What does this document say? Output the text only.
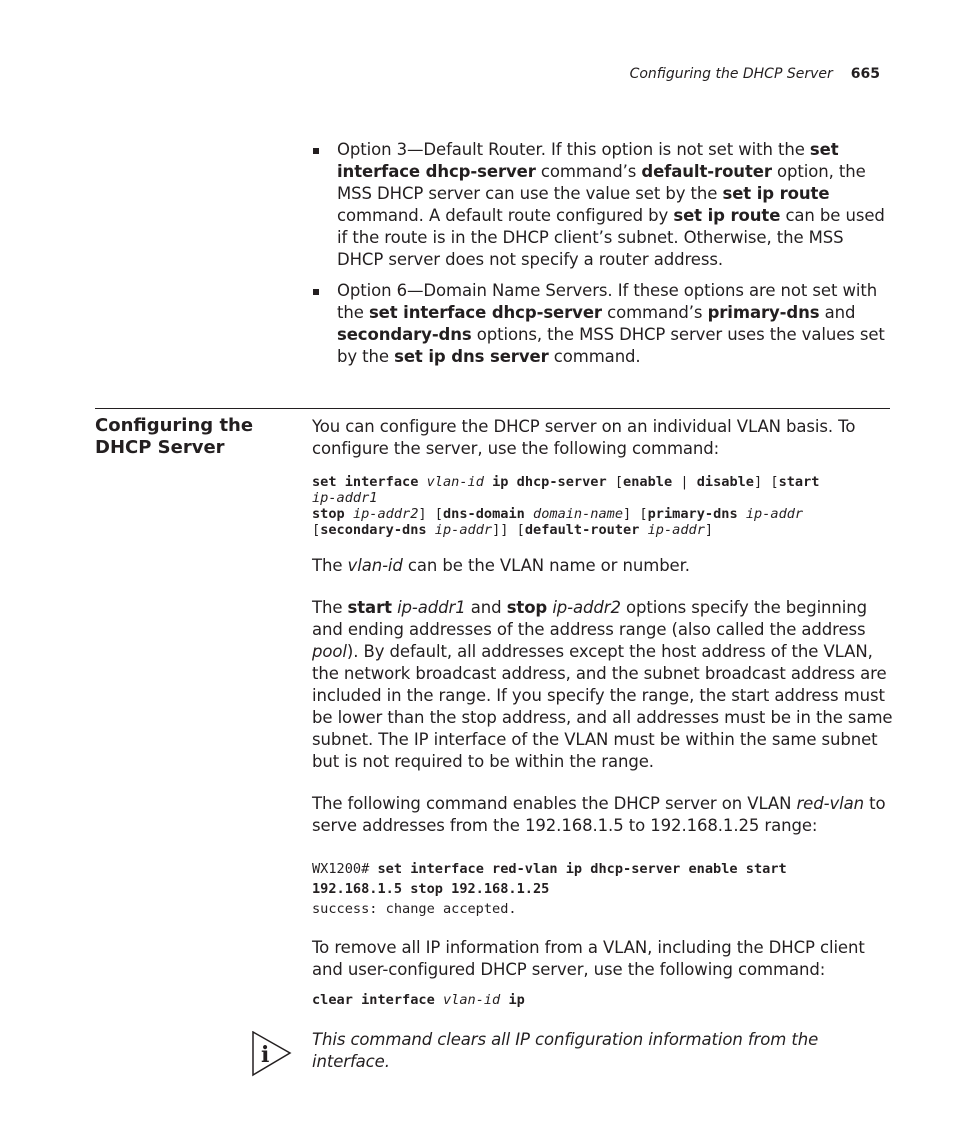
Configuring the DHCP Server 665
Option 3—Default Router. If this option is not set with the set interface dhcp-server command’s default-router option, the MSS DHCP server can use the value set by the set ip route command. A default route configured by set ip route can be used if the route is in the DHCP client’s subnet. Otherwise, the MSS DHCP server does not specify a router address.
Option 6—Domain Name Servers. If these options are not set with the set interface dhcp-server command’s primary-dns and secondary-dns options, the MSS DHCP server uses the values set by the set ip dns server command.
Configuring the DHCP Server

You can configure the DHCP server on an individual VLAN basis. To configure the server, use the following command:

set interface vlan-id ip dhcp-server [enable | disable] [start
ip-addr1
stop ip-addr2] [dns-domain domain-name] [primary-dns ip-addr
[secondary-dns ip-addr]] [default-router ip-addr]

The vlan-id can be the VLAN name or number.

The start ip-addr1 and stop ip-addr2 options specify the beginning and ending addresses of the address range (also called the address pool). By default, all addresses except the host address of the VLAN, the network broadcast address, and the subnet broadcast address are included in the range. If you specify the range, the start address must be lower than the stop address, and all addresses must be in the same subnet. The IP interface of the VLAN must be within the same subnet but is not required to be within the range.

The following command enables the DHCP server on VLAN red-vlan to serve addresses from the 192.168.1.5 to 192.168.1.25 range:

WX1200# set interface red-vlan ip dhcp-server enable start
192.168.1.5 stop 192.168.1.25
success: change accepted.

To remove all IP information from a VLAN, including the DHCP client and user-configured DHCP server, use the following command:

clear interface vlan-id ip
i

This command clears all IP configuration information from the interface.
